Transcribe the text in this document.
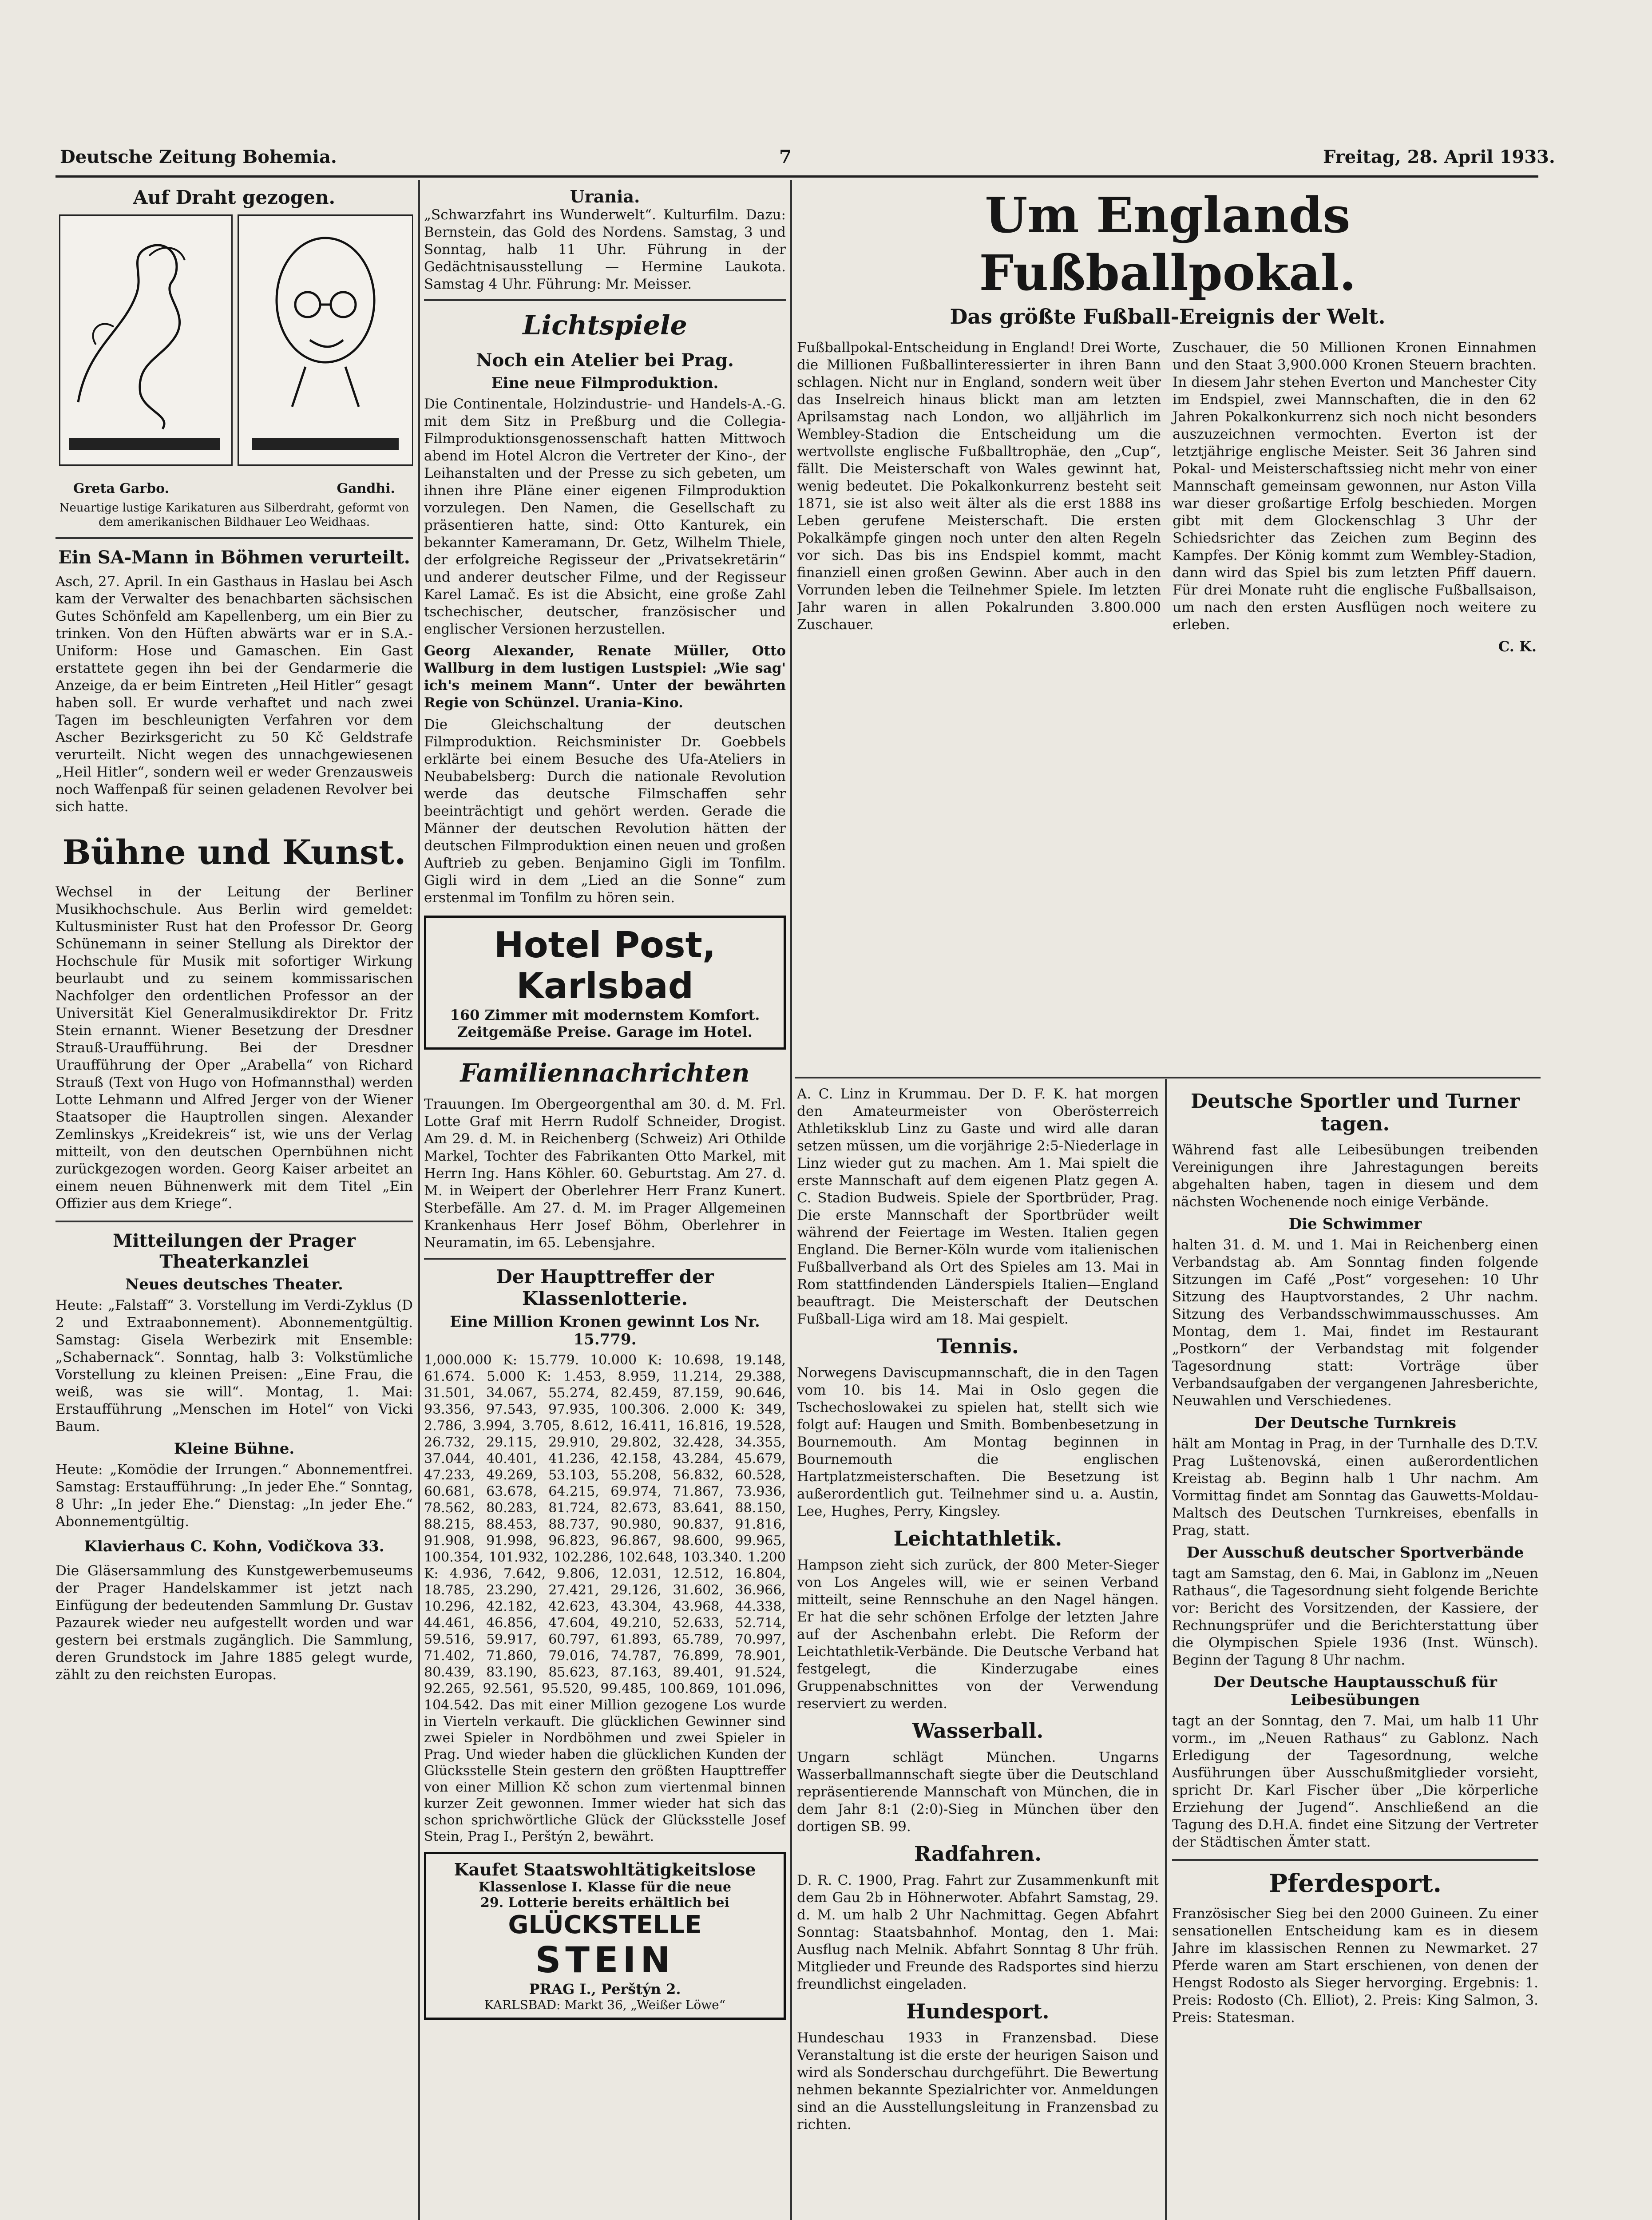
Deutsche Zeitung Bohemia.	7	Freitag, 28. April 1933.

Auf Draht gezogen.

Greta Garbo.	Gandhi.

Neuartige lustige Karikaturen aus Silberdraht, geformt von dem amerikanischen Bildhauer Leo Weidhaas.

Ein SA-Mann in Böhmen verurteilt.

Asch, 27. April. In ein Gasthaus in Haslau bei Asch kam der Verwalter des benachbarten sächsischen Gutes Schönfeld am Kapellenberg, um ein Bier zu trinken. Von den Hüften abwärts war er in S.A.-Uniform: Hose und Gamaschen. Ein Gast erstattete gegen ihn bei der Gendarmerie die Anzeige, da er beim Eintreten „Heil Hitler“ gesagt haben soll. Er wurde verhaftet und nach zwei Tagen im beschleunigten Verfahren vor dem Ascher Bezirksgericht zu 50 Kč Geldstrafe verurteilt. Nicht wegen des unnachgewiesenen „Heil Hitler“, sondern weil er weder Grenzausweis noch Waffenpaß für seinen geladenen Revolver bei sich hatte.

Bühne und Kunst.

Wechsel in der Leitung der Berliner Musikhochschule. Aus Berlin wird gemeldet: Kultusminister Rust hat den Professor Dr. Georg Schünemann in seiner Stellung als Direktor der Hochschule für Musik mit sofortiger Wirkung beurlaubt und zu seinem kommissarischen Nachfolger den ordentlichen Professor an der Universität Kiel Generalmusikdirektor Dr. Fritz Stein ernannt. Wiener Besetzung der Dresdner Strauß-Uraufführung. Bei der Dresdner Uraufführung der Oper „Arabella“ von Richard Strauß (Text von Hugo von Hofmannsthal) werden Lotte Lehmann und Alfred Jerger von der Wiener Staatsoper die Hauptrollen singen. Alexander Zemlinskys „Kreidekreis“ ist, wie uns der Verlag mitteilt, von den deutschen Opernbühnen nicht zurückgezogen worden. Georg Kaiser arbeitet an einem neuen Bühnenwerk mit dem Titel „Ein Offizier aus dem Kriege“.

Mitteilungen der Prager Theaterkanzlei

Neues deutsches Theater.

Heute: „Falstaff“ 3. Vorstellung im Verdi-Zyklus (D 2 und Extraabonnement). Abonnementgültig. Samstag: Gisela Werbezirk mit Ensemble: „Schabernack“. Sonntag, halb 3: Volkstümliche Vorstellung zu kleinen Preisen: „Eine Frau, die weiß, was sie will“. Montag, 1. Mai: Erstaufführung „Menschen im Hotel“ von Vicki Baum.

Kleine Bühne.

Heute: „Komödie der Irrungen.“ Abonnementfrei. Samstag: Erstaufführung: „In jeder Ehe.“ Sonntag, 8 Uhr: „In jeder Ehe.“ Dienstag: „In jeder Ehe.“ Abonnementgültig.

Klavierhaus C. Kohn, Vodičkova 33.

Die Gläsersammlung des Kunstgewerbemuseums der Prager Handelskammer ist jetzt nach Einfügung der bedeutenden Sammlung Dr. Gustav Pazaurek wieder neu aufgestellt worden und war gestern bei erstmals zugänglich. Die Sammlung, deren Grundstock im Jahre 1885 gelegt wurde, zählt zu den reichsten Europas.

Urania.

„Schwarzfahrt ins Wunderwelt“. Kulturfilm. Dazu: Bernstein, das Gold des Nordens. Samstag, 3 und Sonntag, halb 11 Uhr. Führung in der Gedächtnisausstellung — Hermine Laukota. Samstag 4 Uhr. Führung: Mr. Meisser.

Lichtspiele

Noch ein Atelier bei Prag.

Eine neue Filmproduktion.

Die Continentale, Holzindustrie- und Handels-A.-G. mit dem Sitz in Preßburg und die Collegia-Filmproduktionsgenossenschaft hatten Mittwoch abend im Hotel Alcron die Vertreter der Kino-, der Leihanstalten und der Presse zu sich gebeten, um ihnen ihre Pläne einer eigenen Filmproduktion vorzulegen. Den Namen, die Gesellschaft zu präsentieren hatte, sind: Otto Kanturek, ein bekannter Kameramann, Dr. Getz, Wilhelm Thiele, der erfolgreiche Regisseur der „Privatsekretärin“ und anderer deutscher Filme, und der Regisseur Karel Lamač. Es ist die Absicht, eine große Zahl tschechischer, deutscher, französischer und englischer Versionen herzustellen.

Georg Alexander, Renate Müller, Otto Wallburg in dem lustigen Lustspiel: „Wie sag' ich's meinem Mann“. Unter der bewährten Regie von Schünzel. Urania-Kino.

Die Gleichschaltung der deutschen Filmproduktion. Reichsminister Dr. Goebbels erklärte bei einem Besuche des Ufa-Ateliers in Neubabelsberg: Durch die nationale Revolution werde das deutsche Filmschaffen sehr beeinträchtigt und gehört werden. Gerade die Männer der deutschen Revolution hätten der deutschen Filmproduktion einen neuen und großen Auftrieb zu geben. Benjamino Gigli im Tonfilm. Gigli wird in dem „Lied an die Sonne“ zum erstenmal im Tonfilm zu hören sein.

Hotel Post, Karlsbad
160 Zimmer mit modernstem Komfort.
Zeitgemäße Preise. Garage im Hotel.

Familiennachrichten

Trauungen. Im Obergeorgenthal am 30. d. M. Frl. Lotte Graf mit Herrn Rudolf Schneider, Drogist. Am 29. d. M. in Reichenberg (Schweiz) Ari Othilde Markel, Tochter des Fabrikanten Otto Markel, mit Herrn Ing. Hans Köhler. 60. Geburtstag. Am 27. d. M. in Weipert der Oberlehrer Herr Franz Kunert. Sterbefälle. Am 27. d. M. im Prager Allgemeinen Krankenhaus Herr Josef Böhm, Oberlehrer in Neuramatin, im 65. Lebensjahre.

Der Haupttreffer der Klassenlotterie.

Eine Million Kronen gewinnt Los Nr. 15.779.

1,000.000 K: 15.779. 10.000 K: 10.698, 19.148, 61.674. 5.000 K: 1.453, 8.959, 11.214, 29.388, 31.501, 34.067, 55.274, 82.459, 87.159, 90.646, 93.356, 97.543, 97.935, 100.306. 2.000 K: 349, 2.786, 3.994, 3.705, 8.612, 16.411, 16.816, 19.528, 26.732, 29.115, 29.910, 29.802, 32.428, 34.355, 37.044, 40.401, 41.236, 42.158, 43.284, 45.679, 47.233, 49.269, 53.103, 55.208, 56.832, 60.528, 60.681, 63.678, 64.215, 69.974, 71.867, 73.936, 78.562, 80.283, 81.724, 82.673, 83.641, 88.150, 88.215, 88.453, 88.737, 90.980, 90.837, 91.816, 91.908, 91.998, 96.823, 96.867, 98.600, 99.965, 100.354, 101.932, 102.286, 102.648, 103.340. 1.200 K: 4.936, 7.642, 9.806, 12.031, 12.512, 16.804, 18.785, 23.290, 27.421, 29.126, 31.602, 36.966, 10.296, 42.182, 42.623, 43.304, 43.968, 44.338, 44.461, 46.856, 47.604, 49.210, 52.633, 52.714, 59.516, 59.917, 60.797, 61.893, 65.789, 70.997, 71.402, 71.860, 79.016, 74.787, 76.899, 78.901, 80.439, 83.190, 85.623, 87.163, 89.401, 91.524, 92.265, 92.561, 95.520, 99.485, 100.869, 101.096, 104.542. Das mit einer Million gezogene Los wurde in Vierteln verkauft. Die glücklichen Gewinner sind zwei Spieler in Nordböhmen und zwei Spieler in Prag. Und wieder haben die glücklichen Kunden der Glücksstelle Stein gestern den größten Haupttreffer von einer Million Kč schon zum viertenmal binnen kurzer Zeit gewonnen. Immer wieder hat sich das schon sprichwörtliche Glück der Glücksstelle Josef Stein, Prag I., Perštýn 2, bewährt.

Kaufet Staatswohltätigkeitslose
Klassenlose I. Klasse für die neue
29. Lotterie bereits erhältlich bei
GLÜCKSTELLE
STEIN
PRAG I., Perštýn 2.
KARLSBAD: Markt 36, „Weißer Löwe“

Um Englands Fußballpokal.

Das größte Fußball-Ereignis der Welt.

Fußballpokal-Entscheidung in England! Drei Worte, die Millionen Fußballinteressierter in ihren Bann schlagen. Nicht nur in England, sondern weit über das Inselreich hinaus blickt man am letzten Aprilsamstag nach London, wo alljährlich im Wembley-Stadion die Entscheidung um die wertvollste englische Fußballtrophäe, den „Cup“, fällt. Die Meisterschaft von Wales gewinnt hat, wenig bedeutet. Die Pokalkonkurrenz besteht seit 1871, sie ist also weit älter als die erst 1888 ins Leben gerufene Meisterschaft. Die ersten Pokalkämpfe gingen noch unter den alten Regeln vor sich. Das bis ins Endspiel kommt, macht finanziell einen großen Gewinn. Aber auch in den Vorrunden leben die Teilnehmer Spiele. Im letzten Jahr waren in allen Pokalrunden 3.800.000 Zuschauer.

Zuschauer, die 50 Millionen Kronen Einnahmen und den Staat 3,900.000 Kronen Steuern brachten. In diesem Jahr stehen Everton und Manchester City im Endspiel, zwei Mannschaften, die in den 62 Jahren Pokalkonkurrenz sich noch nicht besonders auszuzeichnen vermochten. Everton ist der letztjährige englische Meister. Seit 36 Jahren sind Pokal- und Meisterschaftssieg nicht mehr von einer Mannschaft gemeinsam gewonnen, nur Aston Villa war dieser großartige Erfolg beschieden. Morgen gibt mit dem Glockenschlag 3 Uhr der Schiedsrichter das Zeichen zum Beginn des Kampfes. Der König kommt zum Wembley-Stadion, dann wird das Spiel bis zum letzten Pfiff dauern. Für drei Monate ruht die englische Fußballsaison, um nach den ersten Ausflügen noch weitere zu erleben.

C. K.

A. C. Linz in Krummau. Der D. F. K. hat morgen den Amateurmeister von Oberösterreich Athletiksklub Linz zu Gaste und wird alle daran setzen müssen, um die vorjährige 2:5-Niederlage in Linz wieder gut zu machen. Am 1. Mai spielt die erste Mannschaft auf dem eigenen Platz gegen A. C. Stadion Budweis. Spiele der Sportbrüder, Prag. Die erste Mannschaft der Sportbrüder weilt während der Feiertage im Westen. Italien gegen England. Die Berner-Köln wurde vom italienischen Fußballverband als Ort des Spieles am 13. Mai in Rom stattfindenden Länderspiels Italien—England beauftragt. Die Meisterschaft der Deutschen Fußball-Liga wird am 18. Mai gespielt.

Tennis.

Norwegens Daviscupmannschaft, die in den Tagen vom 10. bis 14. Mai in Oslo gegen die Tschechoslowakei zu spielen hat, stellt sich wie folgt auf: Haugen und Smith. Bombenbesetzung in Bournemouth. Am Montag beginnen in Bournemouth die englischen Hartplatzmeisterschaften. Die Besetzung ist außerordentlich gut. Teilnehmer sind u. a. Austin, Lee, Hughes, Perry, Kingsley.

Leichtathletik.

Hampson zieht sich zurück, der 800 Meter-Sieger von Los Angeles will, wie er seinen Verband mitteilt, seine Rennschuhe an den Nagel hängen. Er hat die sehr schönen Erfolge der letzten Jahre auf der Aschenbahn erlebt. Die Reform der Leichtathletik-Verbände. Die Deutsche Verband hat festgelegt, die Kinderzugabe eines Gruppenabschnittes von der Verwendung reserviert zu werden.

Wasserball.

Ungarn schlägt München. Ungarns Wasserballmannschaft siegte über die Deutschland repräsentierende Mannschaft von München, die in dem Jahr 8:1 (2:0)-Sieg in München über den dortigen SB. 99.

Radfahren.

D. R. C. 1900, Prag. Fahrt zur Zusammenkunft mit dem Gau 2b in Höhnerwoter. Abfahrt Samstag, 29. d. M. um halb 2 Uhr Nachmittag. Gegen Abfahrt Sonntag: Staatsbahnhof. Montag, den 1. Mai: Ausflug nach Melnik. Abfahrt Sonntag 8 Uhr früh. Mitglieder und Freunde des Radsportes sind hierzu freundlichst eingeladen.

Hundesport.

Hundeschau 1933 in Franzensbad. Diese Veranstaltung ist die erste der heurigen Saison und wird als Sonderschau durchgeführt. Die Bewertung nehmen bekannte Spezialrichter vor. Anmeldungen sind an die Ausstellungsleitung in Franzensbad zu richten.

Deutsche Sportler und Turner tagen.

Während fast alle Leibesübungen treibenden Vereinigungen ihre Jahrestagungen bereits abgehalten haben, tagen in diesem und dem nächsten Wochenende noch einige Verbände.

Die Schwimmer

halten 31. d. M. und 1. Mai in Reichenberg einen Verbandstag ab. Am Sonntag finden folgende Sitzungen im Café „Post“ vorgesehen: 10 Uhr Sitzung des Hauptvorstandes, 2 Uhr nachm. Sitzung des Verbandsschwimmausschusses. Am Montag, dem 1. Mai, findet im Restaurant „Postkorn“ der Verbandstag mit folgender Tagesordnung statt: Vorträge über Verbandsaufgaben der vergangenen Jahresberichte, Neuwahlen und Verschiedenes.

Der Deutsche Turnkreis

hält am Montag in Prag, in der Turnhalle des D.T.V. Prag Luštenovská, einen außerordentlichen Kreistag ab. Beginn halb 1 Uhr nachm. Am Vormittag findet am Sonntag das Gauwetts-Moldau-Maltsch des Deutschen Turnkreises, ebenfalls in Prag, statt.

Der Ausschuß deutscher Sportverbände

tagt am Samstag, den 6. Mai, in Gablonz im „Neuen Rathaus“, die Tagesordnung sieht folgende Berichte vor: Bericht des Vorsitzenden, der Kassiere, der Rechnungsprüfer und die Berichterstattung über die Olympischen Spiele 1936 (Inst. Wünsch). Beginn der Tagung 8 Uhr nachm.

Der Deutsche Hauptausschuß für Leibesübungen

tagt an der Sonntag, den 7. Mai, um halb 11 Uhr vorm., im „Neuen Rathaus“ zu Gablonz. Nach Erledigung der Tagesordnung, welche Ausführungen über Ausschußmitglieder vorsieht, spricht Dr. Karl Fischer über „Die körperliche Erziehung der Jugend“. Anschließend an die Tagung des D.H.A. findet eine Sitzung der Vertreter der Städtischen Ämter statt.

Pferdesport.

Französischer Sieg bei den 2000 Guineen. Zu einer sensationellen Entscheidung kam es in diesem Jahre im klassischen Rennen zu Newmarket. 27 Pferde waren am Start erschienen, von denen der Hengst Rodosto als Sieger hervorging. Ergebnis: 1. Preis: Rodosto (Ch. Elliot), 2. Preis: King Salmon, 3. Preis: Statesman.
